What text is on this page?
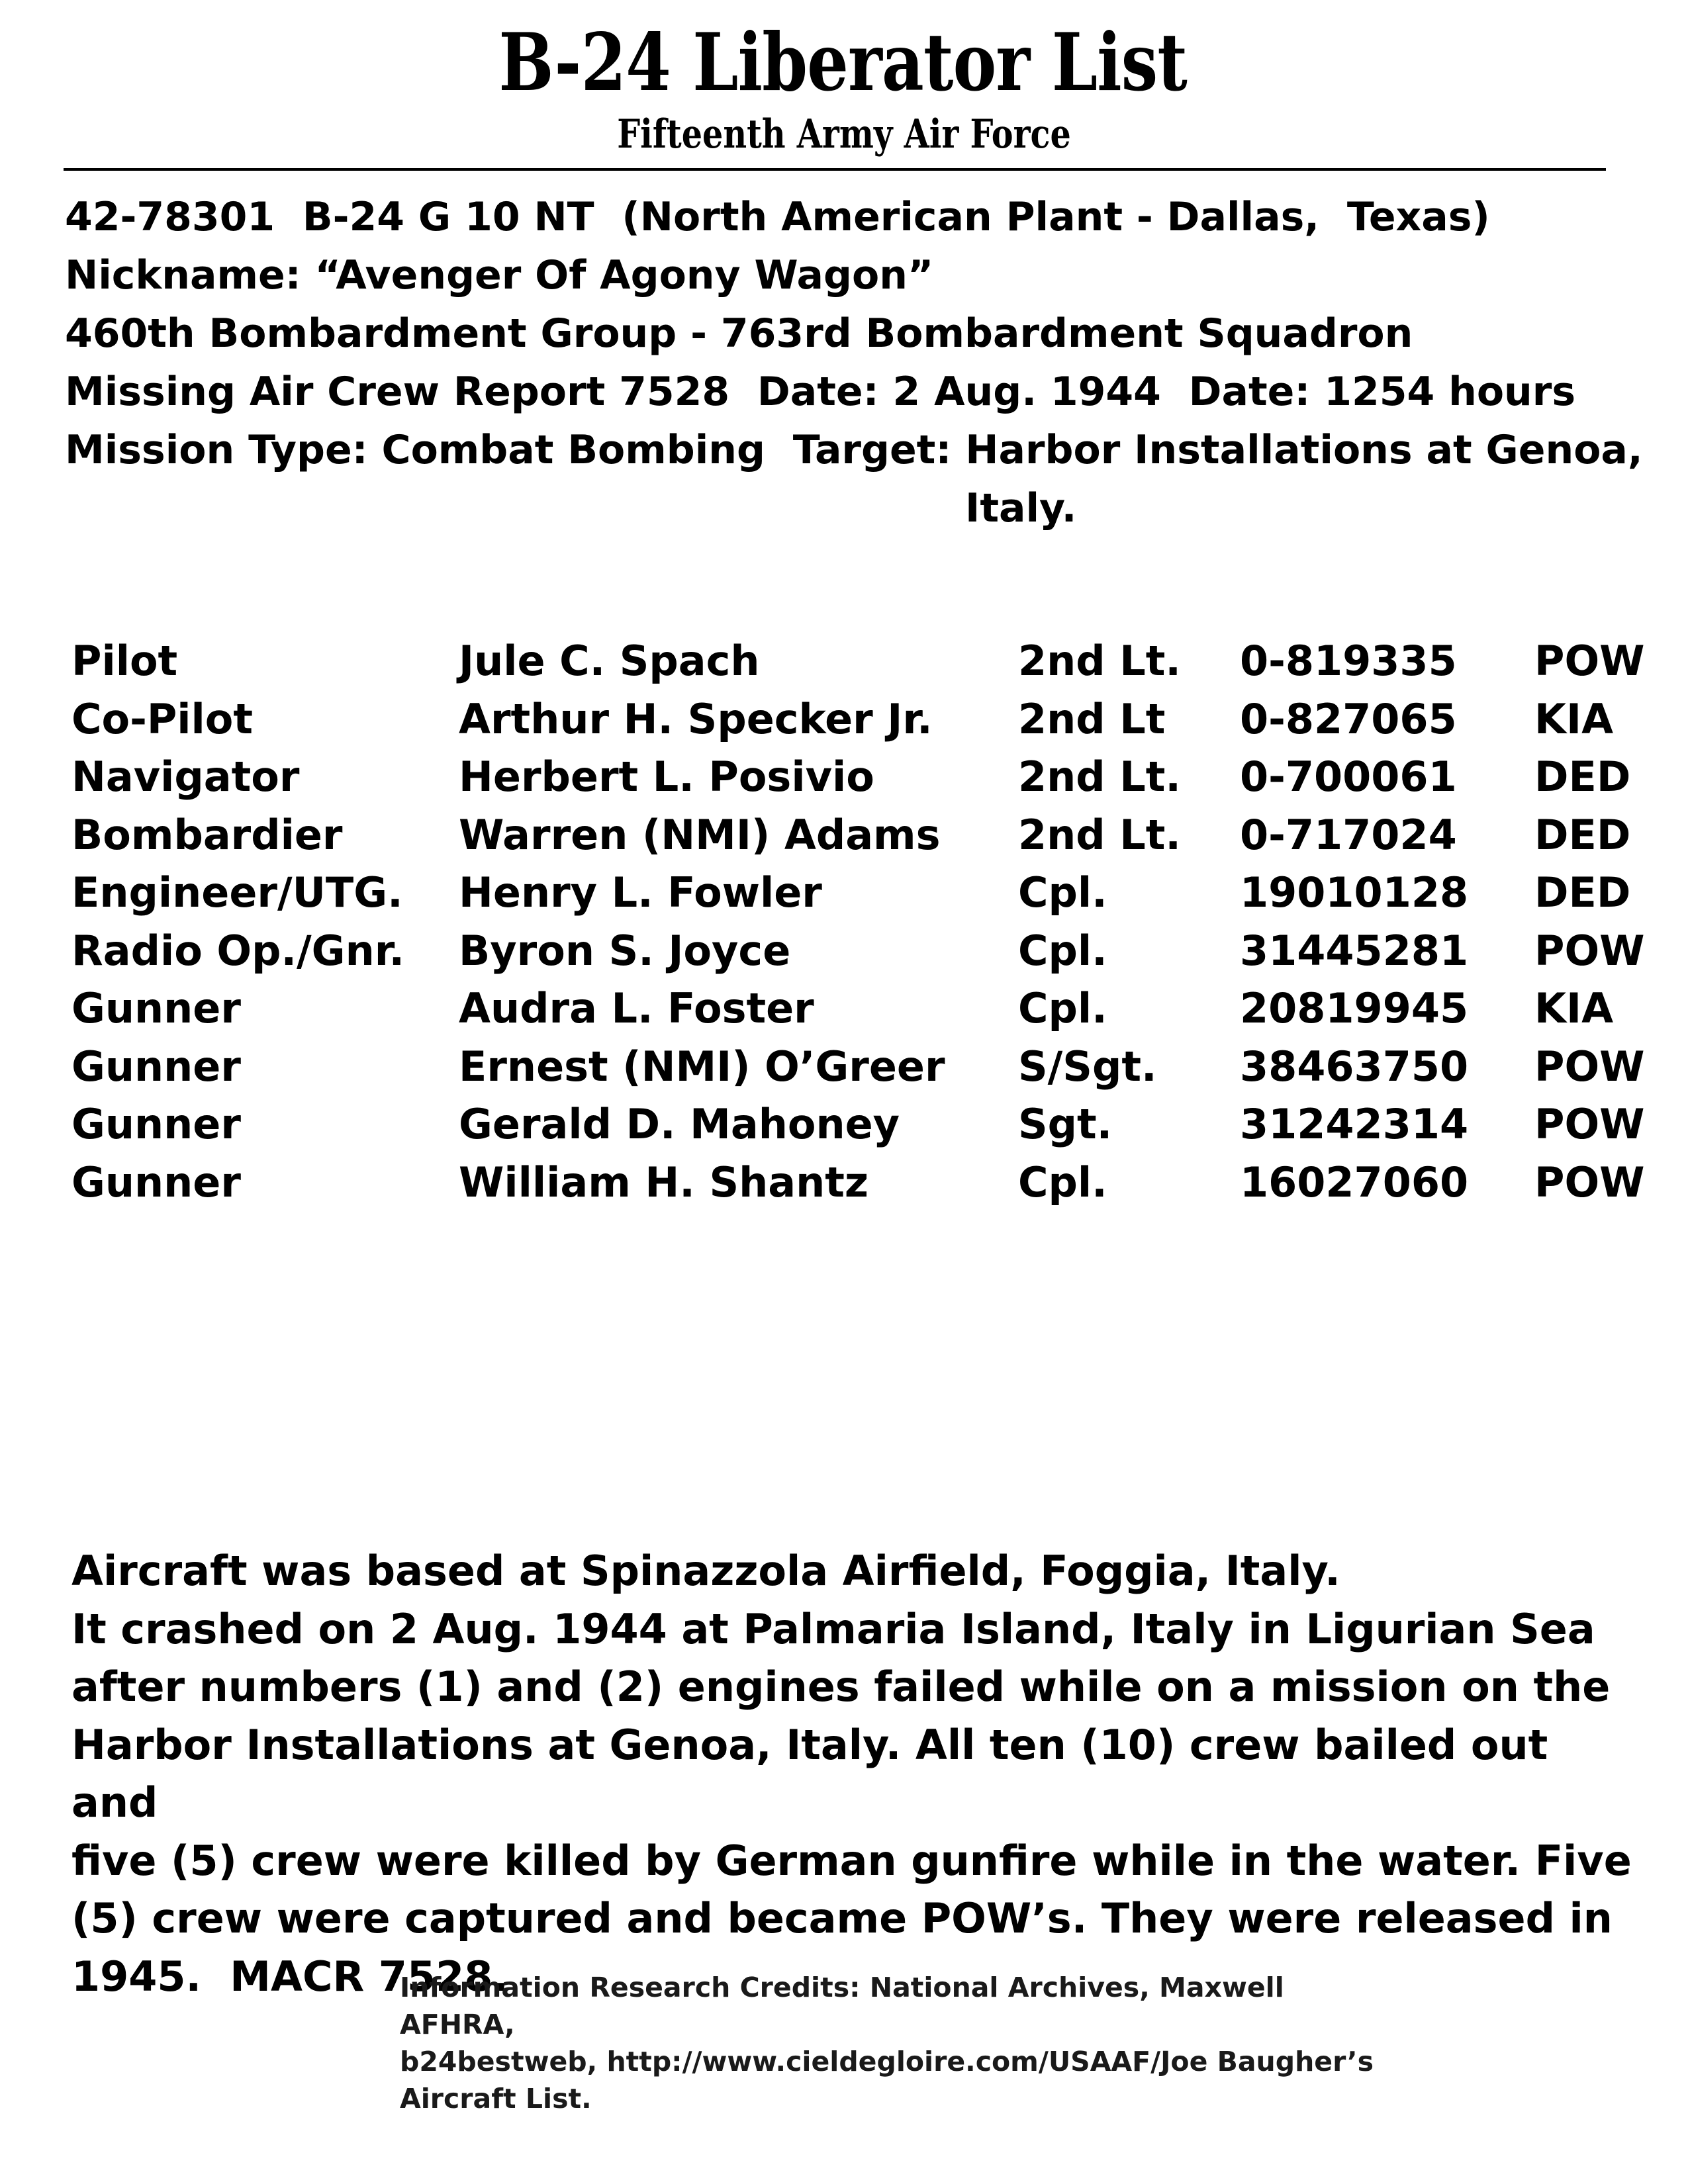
B-24 Liberator List
Fifteenth Army Air Force
42-78301  B-24 G 10 NT  (North American Plant - Dallas,  Texas)
Nickname: “Avenger Of Agony Wagon”
460th Bombardment Group - 763rd Bombardment Squadron
Missing Air Crew Report 7528  Date: 2 Aug. 1944  Date: 1254 hours
Mission Type: Combat Bombing  Target: Harbor Installations at Genoa,
Italy.
Pilot	Jule C. Spach	2nd Lt.	0-819335	POW
Co-Pilot	Arthur H. Specker Jr.	2nd Lt	0-827065	KIA
Navigator	Herbert L. Posivio	2nd Lt.	0-700061	DED
Bombardier	Warren (NMI) Adams	2nd Lt.	0-717024	DED
Engineer/UTG.	Henry L. Fowler	Cpl.	19010128	DED
Radio Op./Gnr.	Byron S. Joyce	Cpl.	31445281	POW
Gunner	Audra L. Foster	Cpl.	20819945	KIA
Gunner	Ernest (NMI) O’Greer	S/Sgt.	38463750	POW
Gunner	Gerald D. Mahoney	Sgt.	31242314	POW
Gunner	William H. Shantz	Cpl.	16027060	POW

Aircraft was based at Spinazzola Airfield, Foggia, Italy.

It crashed on 2 Aug. 1944 at Palmaria Island, Italy in Ligurian Sea

after numbers (1) and (2) engines failed while on a mission on the

Harbor Installations at Genoa, Italy. All ten (10) crew bailed out and

five (5) crew were killed by German gunfire while in the water. Five

(5) crew were captured and became POW’s. They were released in

1945.  MACR 7528.

Information Research Credits: National Archives, Maxwell AFHRA,

b24bestweb, http://www.cieldegloire.com/USAAF/Joe Baugher’s

Aircraft List.
